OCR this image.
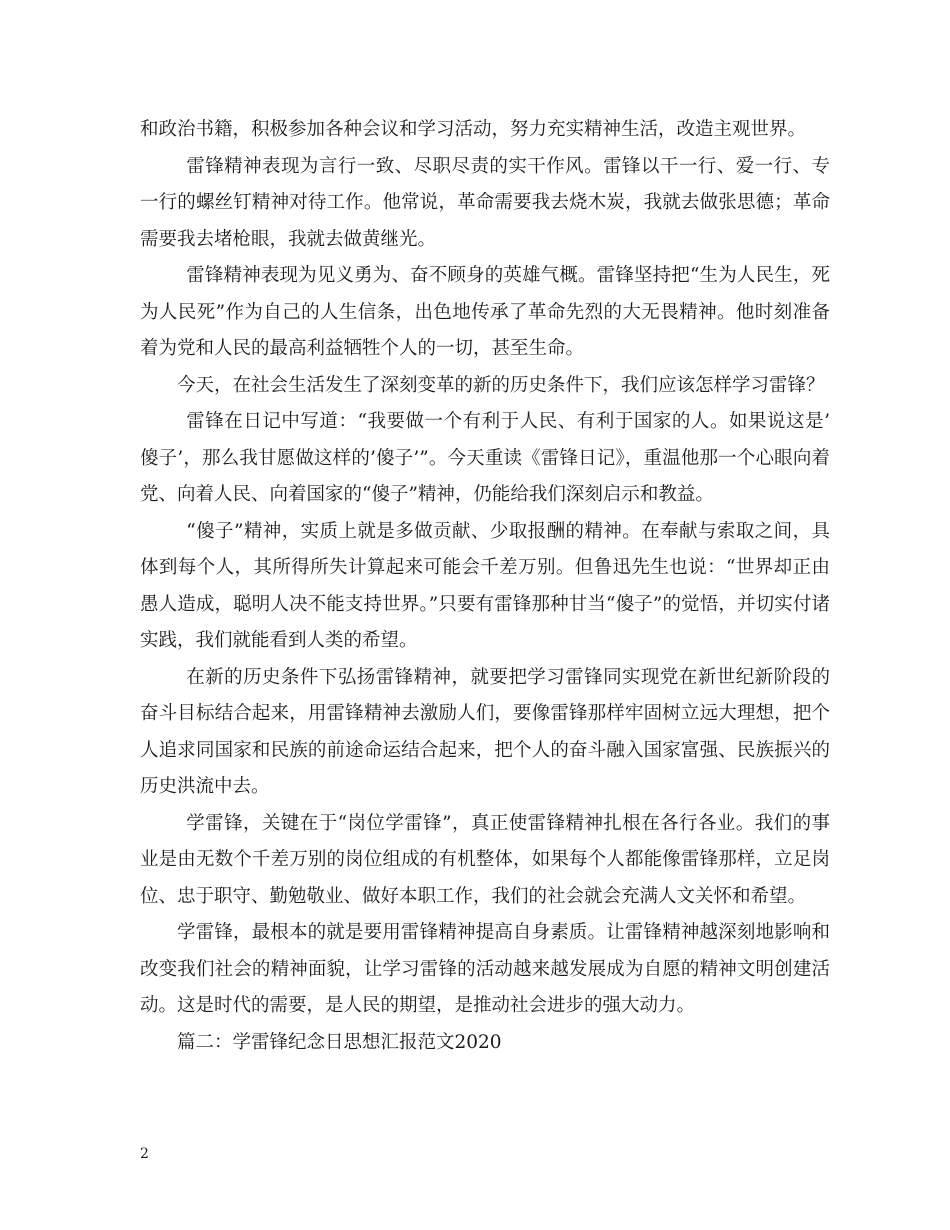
和政治书籍，积极参加各种会议和学习活动，努力充实精神生活，改造主观世界。

雷锋精神表现为言行一致、尽职尽责的实干作风。雷锋以干一行、爱一行、专一行的螺丝钉精神对待工作。他常说，革命需要我去烧木炭，我就去做张思德；革命需要我去堵枪眼，我就去做黄继光。

雷锋精神表现为见义勇为、奋不顾身的英雄气概。雷锋坚持把“生为人民生，死为人民死”作为自己的人生信条，出色地传承了革命先烈的大无畏精神。他时刻准备着为党和人民的最高利益牺牲个人的一切，甚至生命。

今天，在社会生活发生了深刻变革的新的历史条件下，我们应该怎样学习雷锋？

雷锋在日记中写道：“我要做一个有利于人民、有利于国家的人。如果说这是’傻子’，那么我甘愿做这样的’傻子’”。今天重读《雷锋日记》，重温他那一个心眼向着党、向着人民、向着国家的“傻子”精神，仍能给我们深刻启示和教益。

“傻子”精神，实质上就是多做贡献、少取报酬的精神。在奉献与索取之间，具体到每个人，其所得所失计算起来可能会千差万别。但鲁迅先生也说：“世界却正由愚人造成，聪明人决不能支持世界。”只要有雷锋那种甘当“傻子”的觉悟，并切实付诸实践，我们就能看到人类的希望。

在新的历史条件下弘扬雷锋精神，就要把学习雷锋同实现党在新世纪新阶段的奋斗目标结合起来，用雷锋精神去激励人们，要像雷锋那样牢固树立远大理想，把个人追求同国家和民族的前途命运结合起来，把个人的奋斗融入国家富强、民族振兴的历史洪流中去。

学雷锋，关键在于“岗位学雷锋”，真正使雷锋精神扎根在各行各业。我们的事业是由无数个千差万别的岗位组成的有机整体，如果每个人都能像雷锋那样，立足岗位、忠于职守、勤勉敬业、做好本职工作，我们的社会就会充满人文关怀和希望。

学雷锋，最根本的就是要用雷锋精神提高自身素质。让雷锋精神越深刻地影响和改变我们社会的精神面貌，让学习雷锋的活动越来越发展成为自愿的精神文明创建活动。这是时代的需要，是人民的期望，是推动社会进步的强大动力。

篇二：学雷锋纪念日思想汇报范文2020

2
